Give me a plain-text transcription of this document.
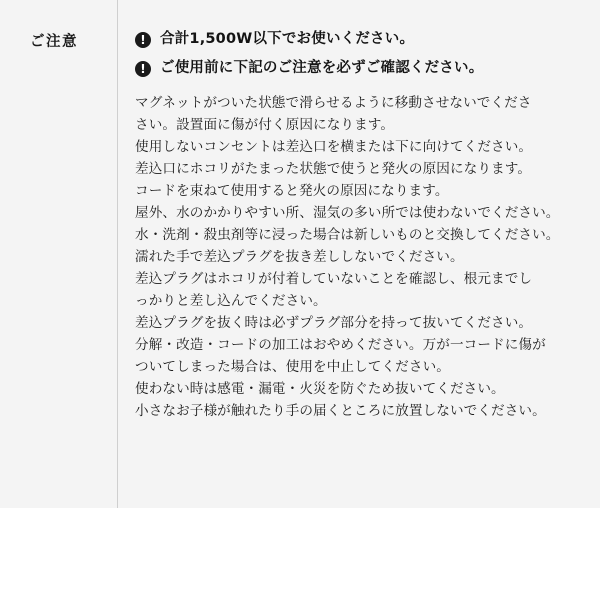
ご注意	! 合計1,500W以下でお使いください。
! ご使用前に下記のご注意を必ずご確認ください。
マグネットがついた状態で滑らせるように移動させないでくださ
さい。設置面に傷が付く原因になります。
使用しないコンセントは差込口を横または下に向けてください。
差込口にホコリがたまった状態で使うと発火の原因になります。
コードを束ねて使用すると発火の原因になります。
屋外、水のかかりやすい所、湿気の多い所では使わないでください。
水・洗剤・殺虫剤等に浸った場合は新しいものと交換してください。
濡れた手で差込プラグを抜き差ししないでください。
差込プラグはホコリが付着していないことを確認し、根元までし
っかりと差し込んでください。
差込プラグを抜く時は必ずプラグ部分を持って抜いてください。
分解・改造・コードの加工はおやめください。万が一コードに傷が
ついてしまった場合は、使用を中止してください。
使わない時は感電・漏電・火災を防ぐため抜いてください。
小さなお子様が触れたり手の届くところに放置しないでください。
